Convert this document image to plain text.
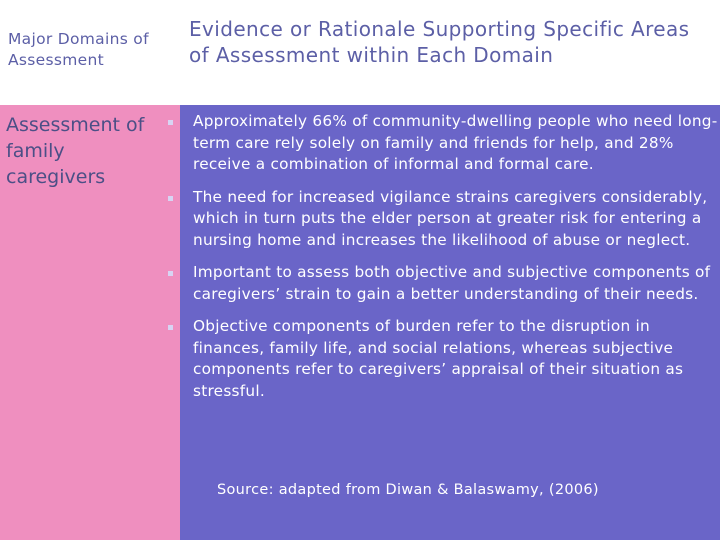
Major Domains of Assessment
Evidence or Rationale Supporting Specific Areas of Assessment within Each Domain
Assessment of family caregivers
Approximately 66% of community-dwelling people who need long-term care rely solely on family and friends for help, and 28% receive a combination of informal and formal care.
The need for increased vigilance strains caregivers considerably, which in turn puts the elder person at greater risk for entering a nursing home and increases the likelihood of abuse or neglect.
Important to assess both objective and subjective components of caregivers’ strain to gain a better understanding of their needs.
Objective components of burden refer to the disruption in finances, family life, and social relations, whereas subjective components refer to caregivers’ appraisal of their situation as stressful.
Source: adapted from Diwan & Balaswamy, (2006)
